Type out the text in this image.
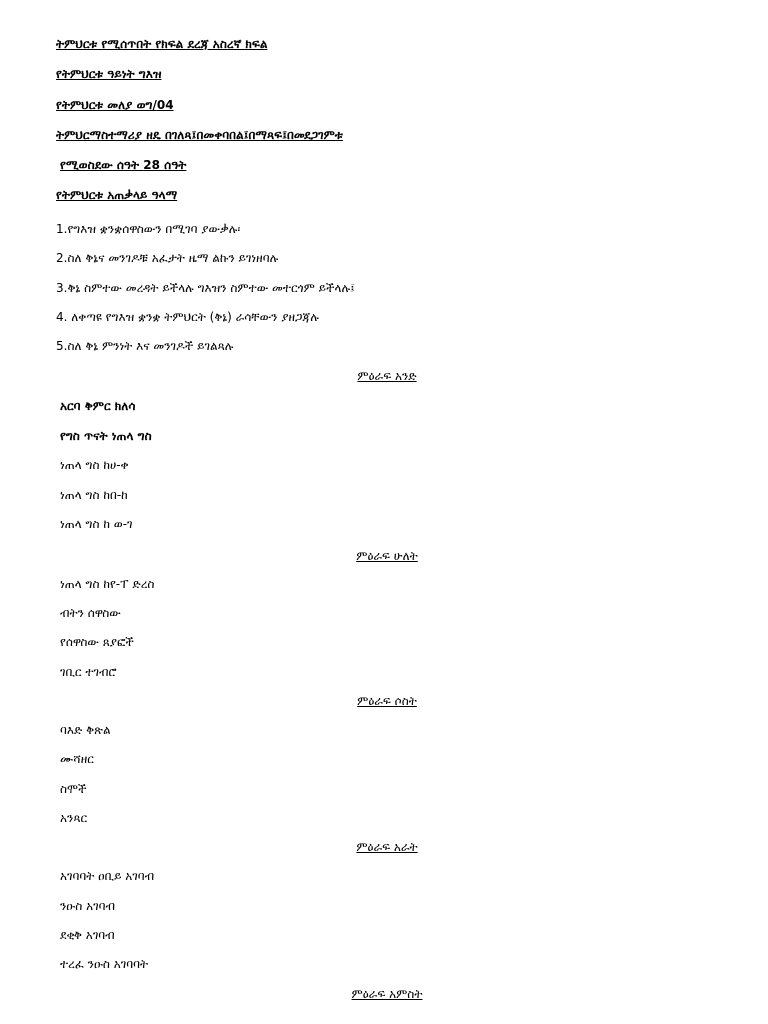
ትምህርቱ የሚሰጥበት የክፍል ደረጃ አስረኛ ክፍል
የትምህርቱ ዓይነት ግእዝ
የትምህርቱ መለያ ወግ/04
ትምህርማስተማሪያ ዘዴ በገለጻ፤በመቀባበል፤በማጻፍ፤በመደጋገምቱ
የሚወስደው ሰዓት 28 ሰዓት
የትምህርቱ አጠቃላይ ዓላማ
1.የግእዝ ቋንቋሰዋስውን በሚገባ ያውቃሉ፡
2.ስለ ቅኔና መንገዶቹ አፈታት ዜማ ልኩን ይገነዘባሉ
3.ቅኔ ስምተው መረዳት ይችላሉ ግእዝን ስምተው መተርጎም ይችላሉ፤
4. ለቀጣዩ የግእዝ ቋንቋ ትምህርት (ቅኔ) ራሳቸውን ያዘጋጃሉ
5.ስለ ቅኔ ምንነት እና መንገዶች ይገልጻሉ
ምዕራፍ አንድ
አርባ ቅምር ክለሳ
የግስ ጥናት ነጠላ ግስ
ነጠላ ግስ ከሀ-ቀ
ነጠላ ግስ ከበ-ከ
ነጠላ ግስ ከ ወ-ገ
ምዕራፍ ሁለት
ነጠላ ግስ ከየ-ፐ ድረስ
ብትን ሰዋስው
የሰዋስው ጸያፎች
ገቢር ተገብሮ
ምዕራፍ ሶስት
ባእድ ቅጽል
ሙሻዘር
ስሞች
አንጻር
ምዕራፍ አራት
አገባባት ዐቢይ አገባብ
ንዑስ አገባብ
ደቂቅ አገባብ
ተረፈ ንዑስ አገባባት
ምዕራፍ አምስት
